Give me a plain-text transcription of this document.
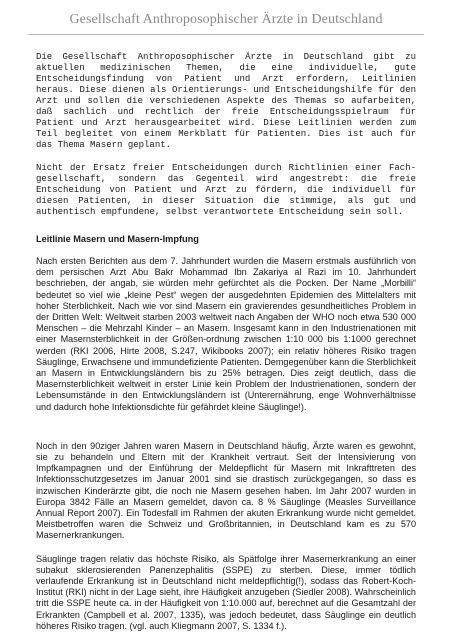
Gesellschaft Anthroposophischer Ärzte in Deutschland

Die Gesellschaft Anthroposophischer Ärzte in Deutschland gibt zu aktuellen medizinischen Themen, die eine individuelle, gute Entscheidungsfindung von Patient und Arzt erfordern, Leitlinien heraus. Diese dienen als Orientierungs- und Entscheidungshilfe für den Arzt und sollen die verschiedenen Aspekte des Themas so aufarbeiten, daß sachlich und rechtlich der freie Entscheidungsspielraum für Patient und Arzt herausgearbeitet wird. Diese Leitlinien werden zum Teil begleitet von einem Merkblatt für Patienten. Dies ist auch für das Thema Masern geplant.

Nicht der Ersatz freier Entscheidungen durch Richtlinien einer Fach-gesellschaft, sondern das Gegenteil wird angestrebt: die freie Entscheidung von Patient und Arzt zu fördern, die individuell für diesen Patienten, in dieser Situation die stimmige, als gut und authentisch empfundene, selbst verantwortete Entscheidung sein soll.

Leitlinie Masern und Masern-Impfung

Nach ersten Berichten aus dem 7. Jahrhundert wurden die Masern erstmals ausführlich von dem persischen Arzt Abu Bakr Mohammad Ibn Zakariya al Razi im 10. Jahrhundert beschrieben, der angab, sie würden mehr gefürchtet als die Pocken. Der Name „Morbilli“ bedeutet so viel wie „kleine Pest“ wegen der ausgedehnten Epidemien des Mittelalters mit hoher Sterblichkeit. Nach wie vor sind Masern ein gravierendes gesundheitliches Problem in der Dritten Welt: Weltweit starben 2003 weltweit nach Angaben der WHO noch etwa 530 000 Menschen – die Mehrzahl Kinder – an Masern. Insgesamt kann in den Industrienationen mit einer Masernsterblichkeit in der Größen-ordnung zwischen 1:10 000 bis 1:1000 gerechnet werden (RKI 2006, Hirte 2008, S.247, Wikibooks 2007); ein relativ höheres Risiko tragen Säuglinge, Erwachsene und immundefiziente Patienten. Demgegenüber kann die Sterblichkeit an Masern in Entwicklungsländern bis zu 25% betragen. Dies zeigt deutlich, dass die Masernsterblichkeit weltweit in erster Linie kein Problem der Industrienationen, sondern der Lebensumstände in den Entwicklungsländern ist (Unterernährung, enge Wohnverhältnisse und dadurch hohe Infektionsdichte für gefährdet kleine Säuglinge!).

Noch in den 90ziger Jahren waren Masern in Deutschland häufig, Ärzte waren es gewohnt, sie zu behandeln und Eltern mit der Krankheit vertraut. Seit der Intensivierung von Impfkampagnen und der Einführung der Meldepflicht für Masern mit Inkrafttreten des Infektionsschutzgesetzes im Januar 2001 sind sie drastisch zurückgegangen, so dass es inzwischen Kinderärzte gibt, die noch nie Masern gesehen haben. Im Jahr 2007 wurden in Europa 3842 Fälle an Masern gemeldet, davon ca. 8 % Säuglinge (Measles Surveillance Annual Report 2007). Ein Todesfall im Rahmen der akuten Erkrankung wurde nicht gemeldet. Meistbetroffen waren die Schweiz und Großbritannien, in Deutschland kam es zu 570 Masernerkrankungen.

Säuglinge tragen relativ das höchste Risiko, als Spätfolge ihrer Masernerkrankung an einer subakut sklerosierenden Panenzephalitis (SSPE) zu sterben. Diese, immer tödlich verlaufende Erkrankung ist in Deutschland nicht meldepflichtig(!), sodass das Robert-Koch-Institut (RKI) nicht in der Lage sieht, ihre Häufigkeit anzugeben (Siedler 2008). Wahrscheinlich tritt die SSPE heute ca. in der Häufigkeit von 1:10.000 auf, berechnet auf die Gesamtzahl der Erkrankten (Campbell et al. 2007, 1335), was jedoch bedeutet, dass Säuglinge ein deutlich höheres Risiko tragen. (vgl. auch Kliegmann 2007, S. 1334 f.).
